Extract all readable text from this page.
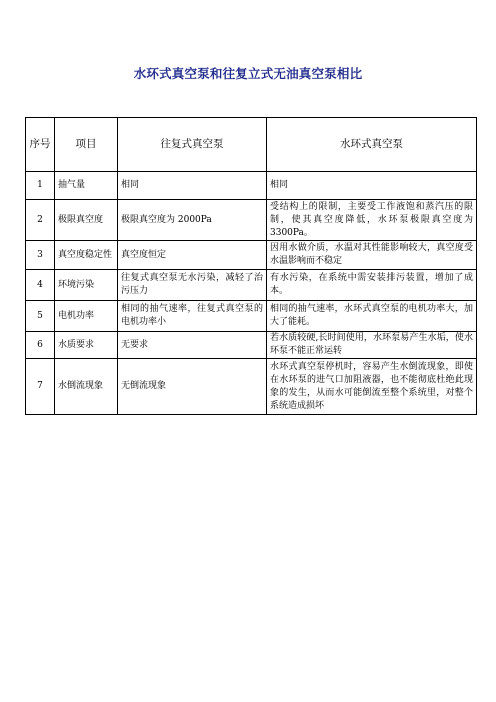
水环式真空泵和往复立式无油真空泵相比
序号	项目	往复式真空泵	水环式真空泵
1	抽气量	相同	相同
2	极限真空度	极限真空度为 2000Pa	受结构上的限制，主要受工作液饱和蒸汽压的限制，使其真空度降低，水环泵极限真空度为 3300Pa。
3	真空度稳定性	真空度恒定	因用水做介质，水温对其性能影响较大，真空度受水温影响而不稳定
4	环境污染	往复式真空泵无水污染，减轻了治污压力	有水污染，在系统中需安装排污装置，增加了成本。
5	电机功率	相同的抽气速率，往复式真空泵的电机功率小	相同的抽气速率，水环式真空泵的电机功率大，加大了能耗。
6	水质要求	无要求	若水质较硬,长时间使用，水环泵易产生水垢，使水环泵不能正常运转
7	水倒流现象	无倒流现象	水环式真空泵停机时，容易产生水倒流现象，即使在水环泵的进气口加阻液器，也不能彻底杜绝此现象的发生，从而水可能倒流至整个系统里，对整个系统造成损坏
